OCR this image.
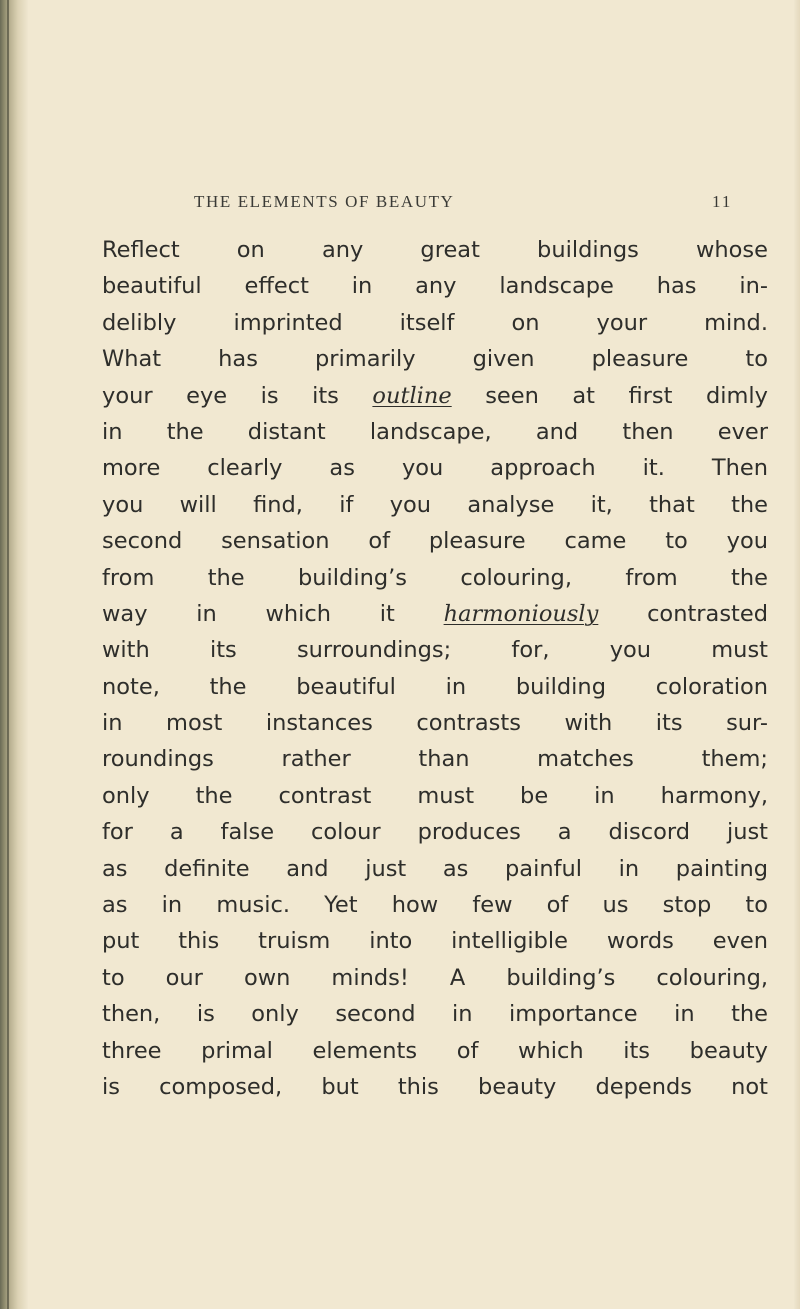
THE ELEMENTS OF BEAUTY	11
Reflect on any great buildings whose
beautiful effect in any landscape has in-
delibly imprinted itself on your mind.
What has primarily given pleasure to
your eye is its outline seen at first dimly
in the distant landscape, and then ever
more clearly as you approach it. Then
you will find, if you analyse it, that the
second sensation of pleasure came to you
from the building’s colouring, from the
way in which it harmoniously contrasted
with its surroundings; for, you must
note, the beautiful in building coloration
in most instances contrasts with its sur-
roundings rather than matches them;
only the contrast must be in harmony,
for a false colour produces a discord just
as definite and just as painful in painting
as in music. Yet how few of us stop to
put this truism into intelligible words even
to our own minds! A building’s colouring,
then, is only second in importance in the
three primal elements of which its beauty
is composed, but this beauty depends not
